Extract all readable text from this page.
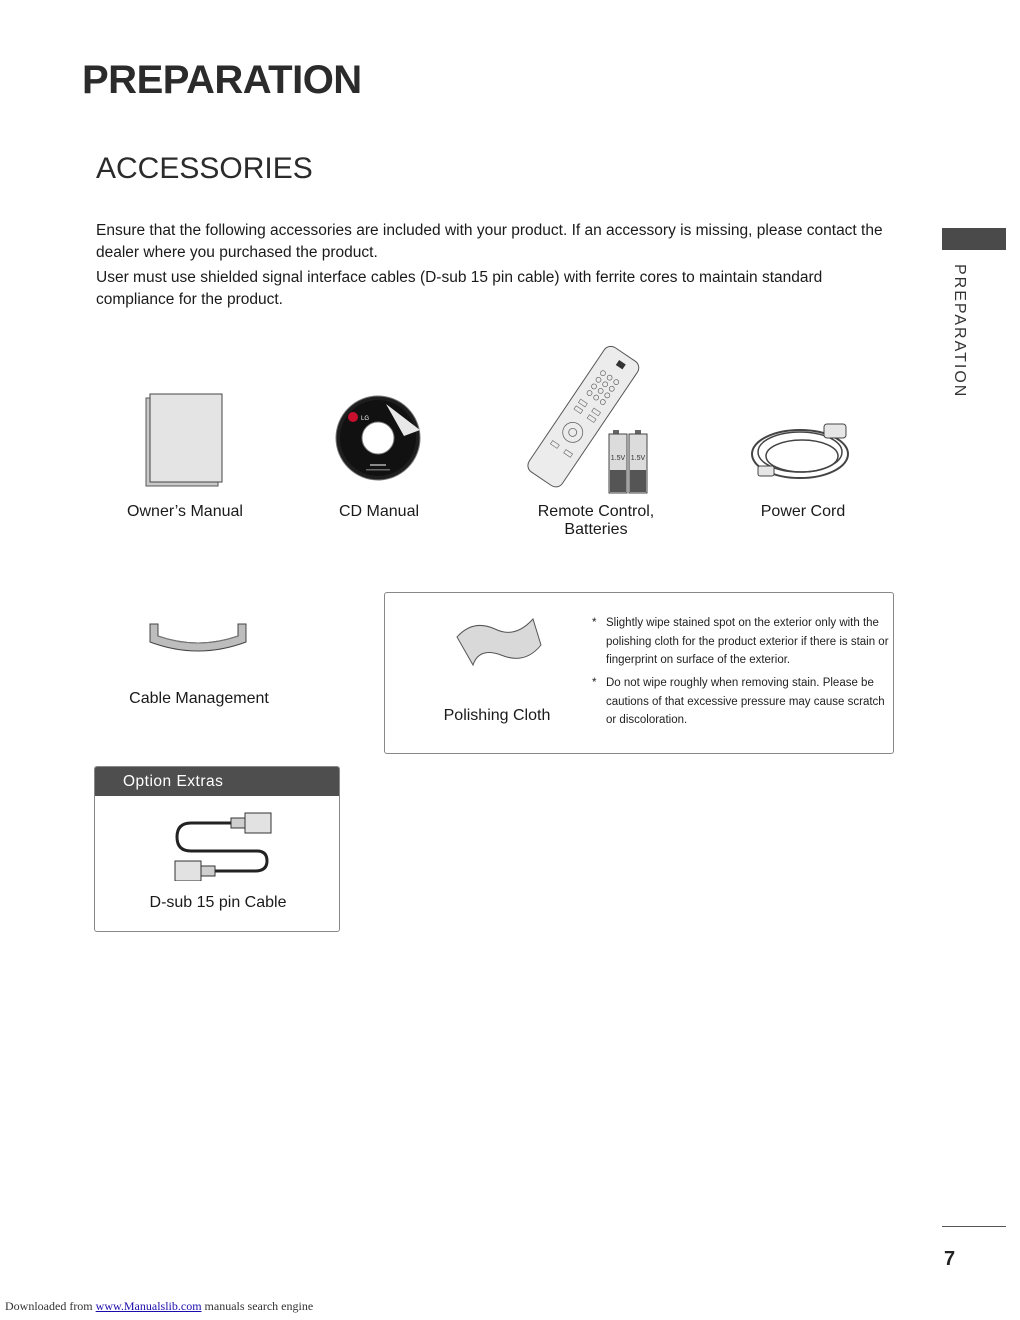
PREPARATION
ACCESSORIES

Ensure that the following accessories are included with your product. If an accessory is missing, please contact the dealer where you purchased the product.

User must use shielded signal interface cables (D-sub 15 pin cable) with ferrite cores to maintain standard compliance for the product.	PREPARATION
Owner’s Manual
LG
CD Manual
1.5V 1.5V
Remote Control,
Batteries
Power Cord
Cable Management
Polishing Cloth
* Slightly wipe stained spot on the exterior only with the polishing cloth for the product exterior if there is stain or fingerprint on surface of the exterior.
* Do not wipe roughly when removing stain. Please be cautions of that excessive pressure may cause scratch or discoloration.
Option Extras
D-sub 15 pin Cable
7
Downloaded from www.Manualslib.com manuals search engine
